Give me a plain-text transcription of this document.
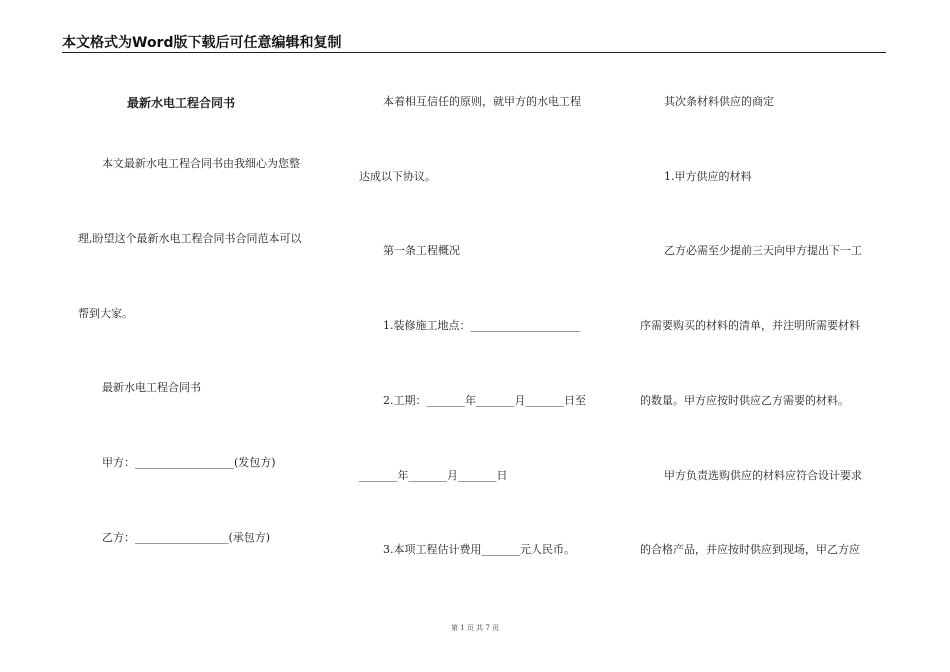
本文格式为Word版下载后可任意编辑和复制
最新水电工程合同书
本文最新水电工程合同书由我细心为您整
理,盼望这个最新水电工程合同书合同范本可以
帮到大家。
最新水电工程合同书
甲方：__________________(发包方)
乙方：_________________(承包方)
本着相互信任的原则，就甲方的水电工程
达成以下协议。
第一条工程概况
1.装修施工地点：____________________
2.工期：_______年_______月_______日至
_______年_______月_______日
3.本项工程估计费用_______元人民币。
其次条材料供应的商定
1.甲方供应的材料
乙方必需至少提前三天向甲方提出下一工
序需要购买的材料的清单，并注明所需要材料
的数量。甲方应按时供应乙方需要的材料。
甲方负责选购供应的材料应符合设计要求
的合格产品，并应按时供应到现场，甲乙方应
第 1 页 共 7 页
